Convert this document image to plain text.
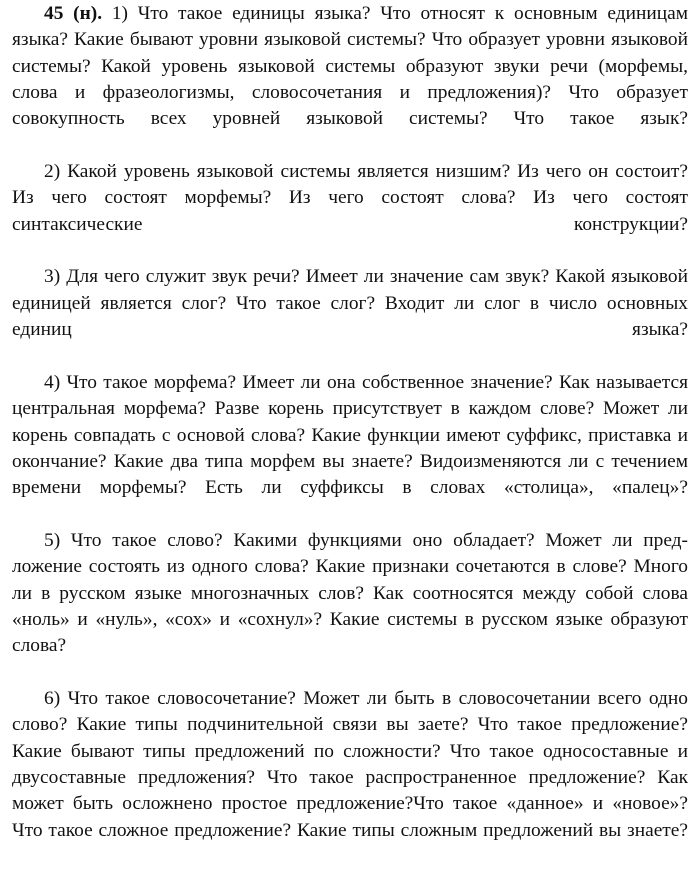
45 (н). 1) Что такое единицы языка? Что относят к основным единицам языка? Какие бывают уровни языковой системы? Что образует уровни языковой системы? Какой уровень языковой системы образуют звуки речи (морфемы, слова и фразеологизмы, словосочетания и предложения)? Что образует совокупность всех уровней языковой системы? Что такое язык?

2) Какой уровень языковой системы является низшим? Из чего он состоит? Из чего состоят морфемы? Из чего состоят слова? Из чего состоят синтаксические конструкции?

3) Для чего служит звук речи? Имеет ли значение сам звук? Какой языковой единицей является слог? Что такое слог? Входит ли слог в число основных единиц языка?

4) Что такое морфема? Имеет ли она собственное значение? Как называется центральная морфема? Разве корень присутствует в каждом слове? Может ли корень совпадать с основой слова? Какие функции имеют суффикс, приставка и окончание? Какие два типа морфем вы знаете? Видоизменяются ли с течением времени морфемы? Есть ли суффиксы в словах «столица», «палец»?

5) Что такое слово? Какими функциями оно обладает? Может ли предложение состоять из одного слова? Какие признаки сочетаются в слове? Много ли в русском языке многозначных слов? Как соотносятся между собой слова «ноль» и «нуль», «сох» и «сохнул»? Какие системы в русском языке образуют слова?

6) Что такое словосочетание? Может ли быть в словосочетании всего одно слово? Какие типы подчинительной связи вы заете? Что такое предложение? Какие бывают типы предложений по сложности? Что такое односоставные и двусоставные предложения? Что такое распространенное предложение? Как может быть осложнено простое предложение?Что такое «данное» и «новое»? Что такое сложное предложение? Какие типы сложным предложений вы знаете?
